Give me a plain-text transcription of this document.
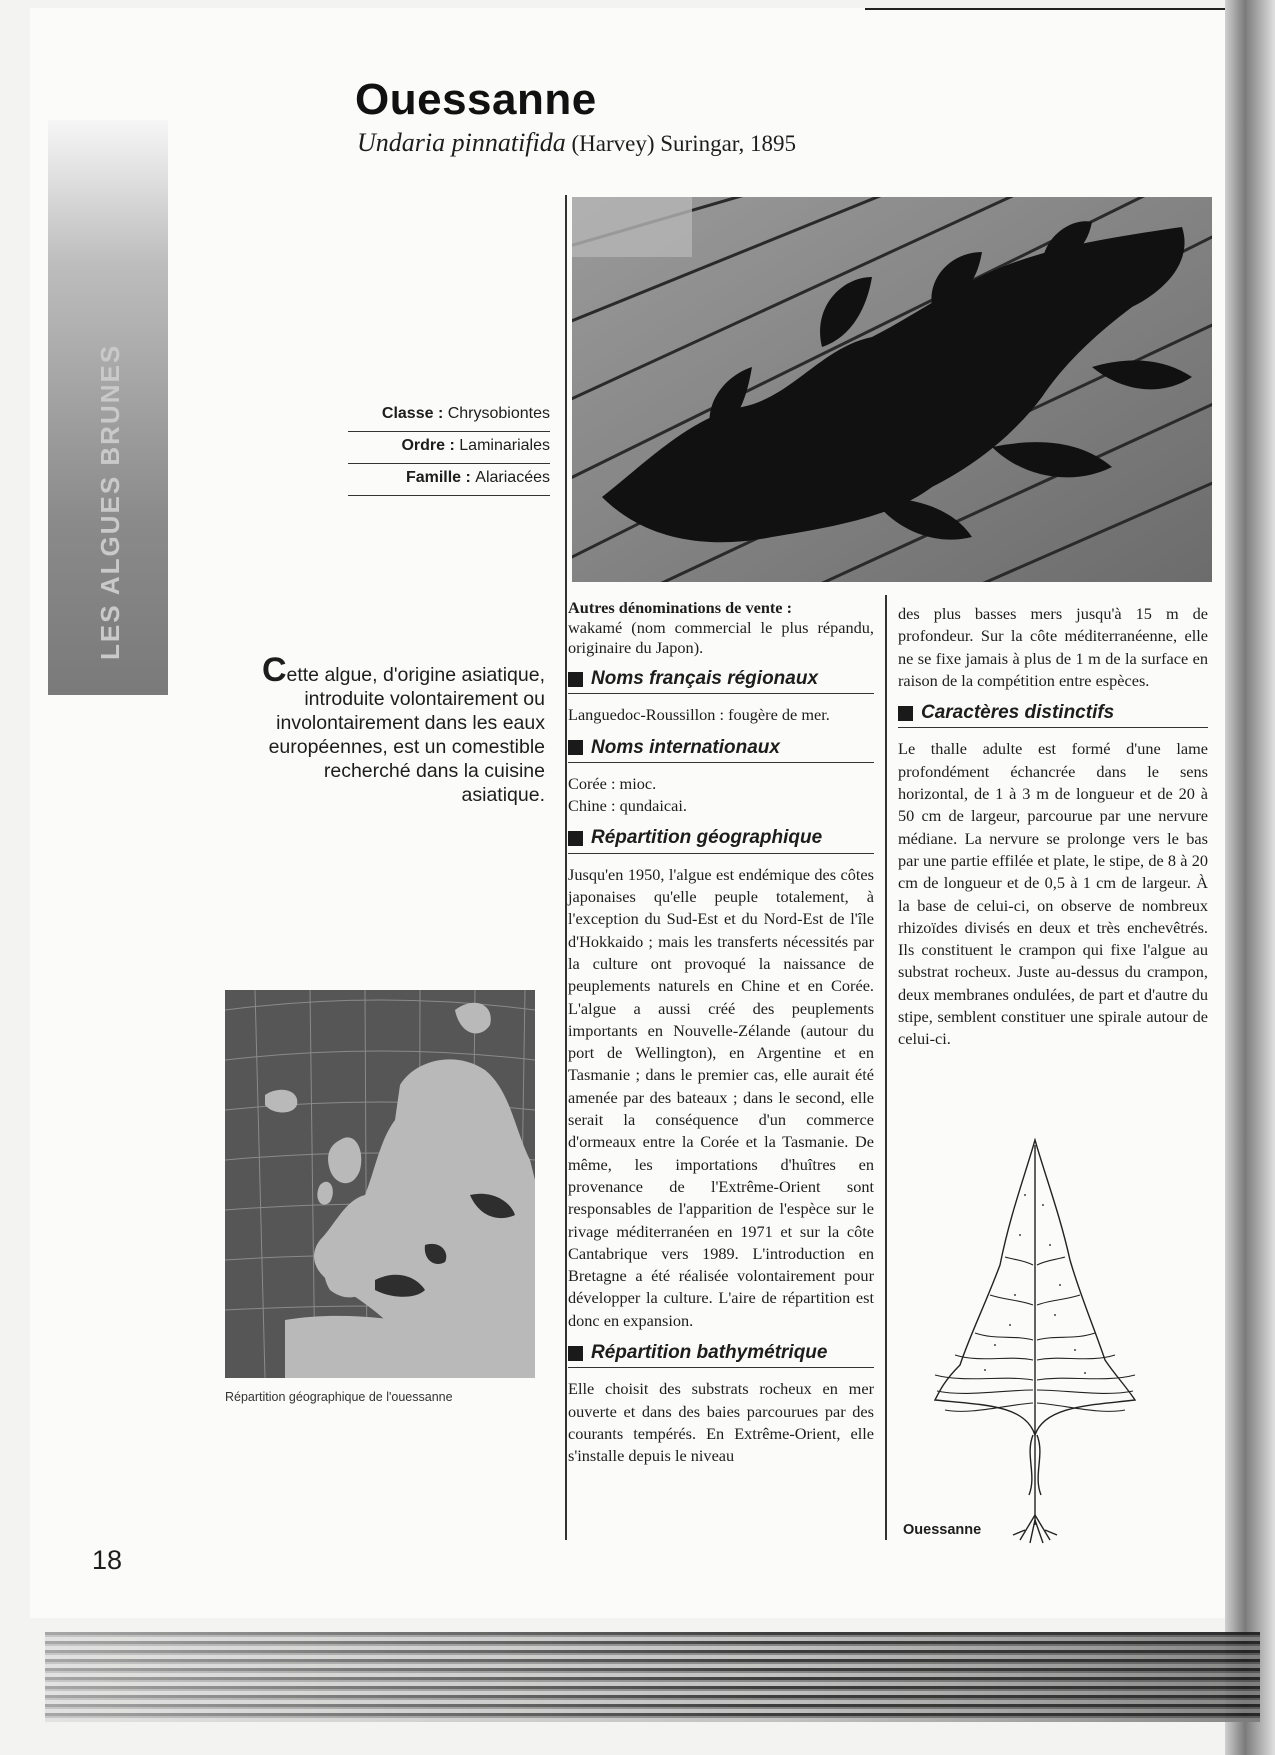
LES ALGUES BRUNES
Ouessanne
Undaria pinnatifida (Harvey) Suringar, 1895
Classe : Chrysobiontes
Ordre : Laminariales
Famille : Alariacées
Cette algue, d'origine asiatique, introduite volontairement ou involontairement dans les eaux européennes, est un comestible recherché dans la cuisine asiatique.
Répartition géographique de l'ouessanne

Autres dénominations de vente :
wakamé (nom commercial le plus répandu, originaire du Japon).

Noms français régionaux

Languedoc-Roussillon : fougère de mer.

Noms internationaux

Corée : mioc.
Chine : qundaicai.

Répartition géographique

Jusqu'en 1950, l'algue est endémique des côtes japonaises qu'elle peuple totalement, à l'exception du Sud-Est et du Nord-Est de l'île d'Hokkaido ; mais les transferts nécessités par la culture ont provoqué la naissance de peuplements naturels en Chine et en Corée. L'algue a aussi créé des peuplements importants en Nouvelle-Zélande (autour du port de Wellington), en Argentine et en Tasmanie ; dans le premier cas, elle aurait été amenée par des bateaux ; dans le second, elle serait la conséquence d'un commerce d'ormeaux entre la Corée et la Tasmanie. De même, les importations d'huîtres en provenance de l'Extrême-Orient sont responsables de l'apparition de l'espèce sur le rivage méditerranéen en 1971 et sur la côte Cantabrique vers 1989. L'introduction en Bretagne a été réalisée volontairement pour développer la culture. L'aire de répartition est donc en expansion.

Répartition bathymétrique

Elle choisit des substrats rocheux en mer ouverte et dans des baies parcourues par des courants tempérés. En Extrême-Orient, elle s'installe depuis le niveau

des plus basses mers jusqu'à 15 m de profondeur. Sur la côte méditerranéenne, elle ne se fixe jamais à plus de 1 m de la surface en raison de la compétition entre espèces.

Caractères distinctifs

Le thalle adulte est formé d'une lame profondément échancrée dans le sens horizontal, de 1 à 3 m de longueur et de 20 à 50 cm de largeur, parcourue par une nervure médiane. La nervure se prolonge vers le bas par une partie effilée et plate, le stipe, de 8 à 20 cm de longueur et de 0,5 à 1 cm de largeur. À la base de celui-ci, on observe de nombreux rhizoïdes divisés en deux et très enchevêtrés. Ils constituent le crampon qui fixe l'algue au substrat rocheux. Juste au-dessus du crampon, deux membranes ondulées, de part et d'autre du stipe, semblent constituer une spirale autour de celui-ci.

Ouessanne
18
